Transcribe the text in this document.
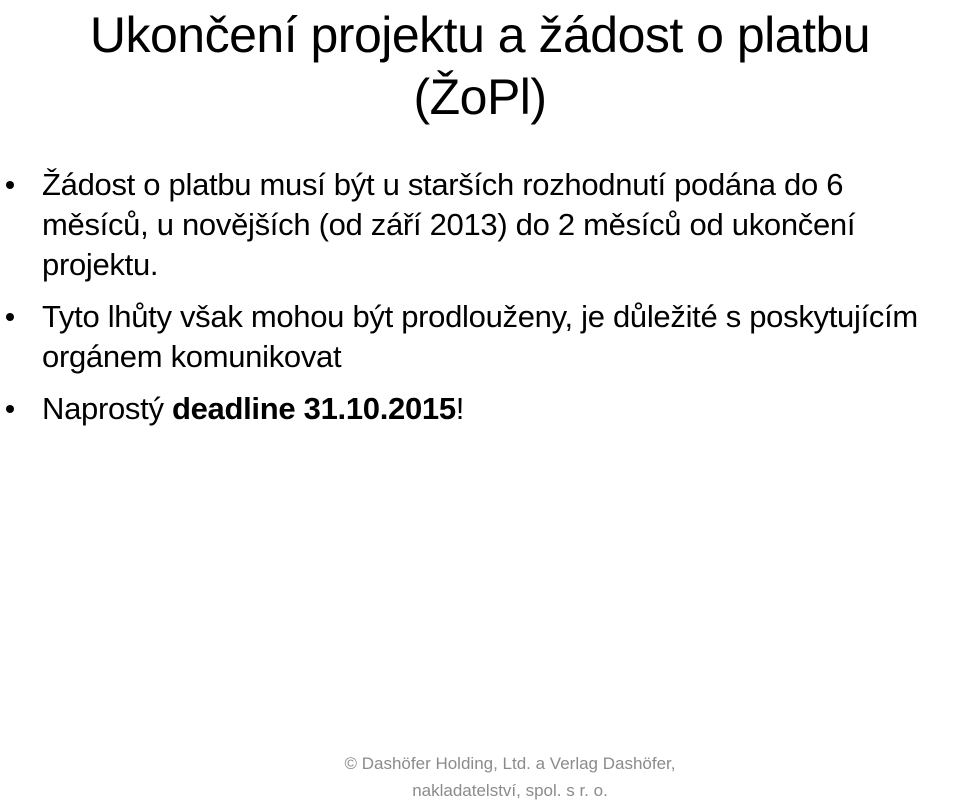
Ukončení projektu a žádost o platbu
(ŽoPl)
Žádost o platbu musí být u starších rozhodnutí podána do 6 měsíců, u novějších (od září 2013) do 2 měsíců od ukončení projektu.
Tyto lhůty však mohou být prodlouženy, je důležité s poskytujícím orgánem komunikovat
Naprostý deadline 31.10.2015!
© Dashöfer Holding, Ltd. a Verlag Dashöfer,
nakladatelství, spol. s r. o.
